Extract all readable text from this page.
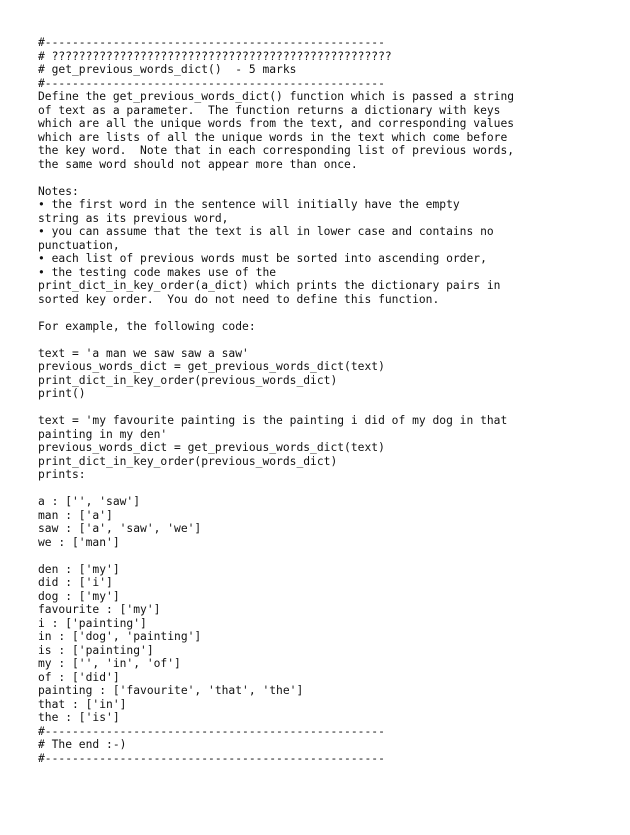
#--------------------------------------------------
# ??????????????????????????????????????????????????
# get_previous_words_dict()  - 5 marks
#--------------------------------------------------
Define the get_previous_words_dict() function which is passed a string
of text as a parameter.  The function returns a dictionary with keys
which are all the unique words from the text, and corresponding values
which are lists of all the unique words in the text which come before
the key word.  Note that in each corresponding list of previous words,
the same word should not appear more than once.
Notes:
• the first word in the sentence will initially have the empty
string as its previous word,
• you can assume that the text is all in lower case and contains no
punctuation,
• each list of previous words must be sorted into ascending order,
• the testing code makes use of the
print_dict_in_key_order(a_dict) which prints the dictionary pairs in
sorted key order.  You do not need to define this function.
For example, the following code:
text = 'a man we saw saw a saw'
previous_words_dict = get_previous_words_dict(text)
print_dict_in_key_order(previous_words_dict)
print()
text = 'my favourite painting is the painting i did of my dog in that
painting in my den'
previous_words_dict = get_previous_words_dict(text)
print_dict_in_key_order(previous_words_dict)
prints:
a : ['', 'saw']
man : ['a']
saw : ['a', 'saw', 'we']
we : ['man']
den : ['my']
did : ['i']
dog : ['my']
favourite : ['my']
i : ['painting']
in : ['dog', 'painting']
is : ['painting']
my : ['', 'in', 'of']
of : ['did']
painting : ['favourite', 'that', 'the']
that : ['in']
the : ['is']
#--------------------------------------------------
# The end :-)
#--------------------------------------------------
